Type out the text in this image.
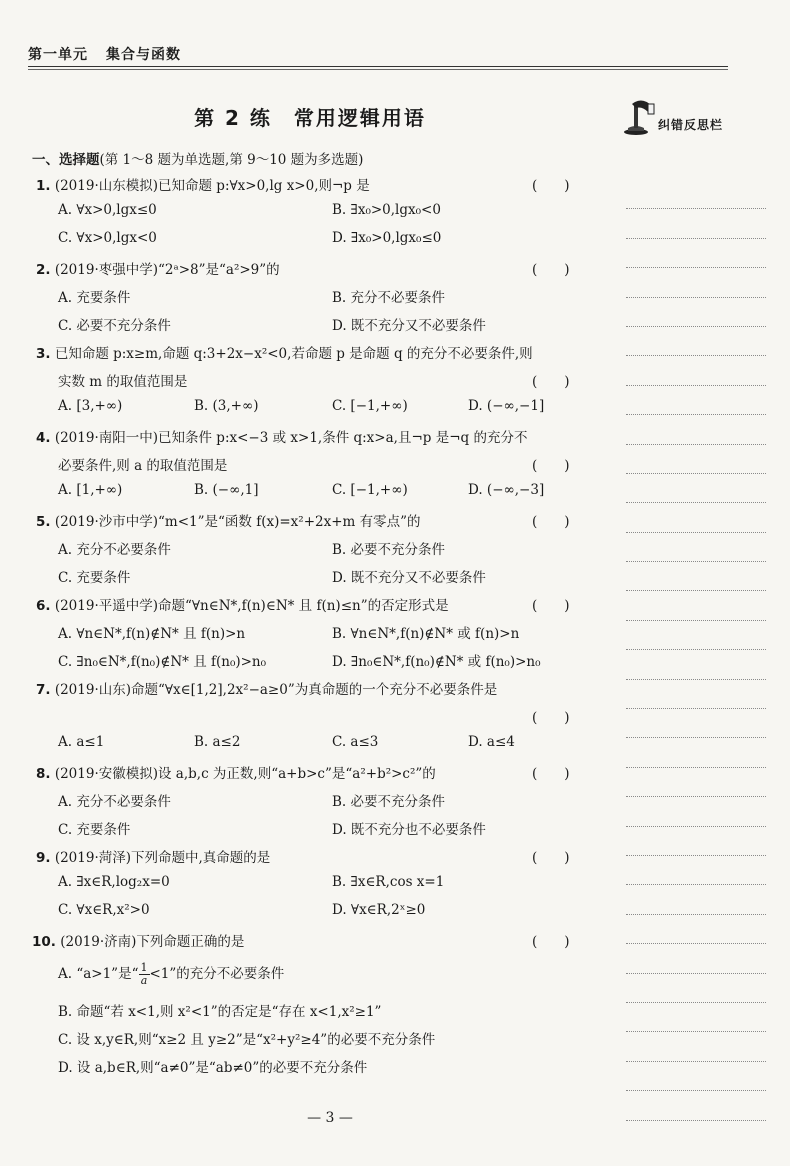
第一单元 集合与函数
第 2 练 常用逻辑用语	纠错反思栏
一、选择题(第 1～8 题为单选题,第 9～10 题为多选题)
1. (2019·山东模拟)已知命题 p:∀x>0,lg x>0,则¬p 是	(　　)
A. ∀x>0,lgx≤0	B. ∃x₀>0,lgx₀<0
C. ∀x>0,lgx<0	D. ∃x₀>0,lgx₀≤0
2. (2019·枣强中学)“2ᵃ>8”是“a²>9”的	(　　)
A. 充要条件	B. 充分不必要条件
C. 必要不充分条件	D. 既不充分又不必要条件
3. 已知命题 p:x≥m,命题 q:3+2x−x²<0,若命题 p 是命题 q 的充分不必要条件,则
实数 m 的取值范围是	(　　)
A. [3,+∞)	B. (3,+∞)	C. [−1,+∞)	D. (−∞,−1]
4. (2019·南阳一中)已知条件 p:x<−3 或 x>1,条件 q:x>a,且¬p 是¬q 的充分不
必要条件,则 a 的取值范围是	(　　)
A. [1,+∞)	B. (−∞,1]	C. [−1,+∞)	D. (−∞,−3]
5. (2019·沙市中学)“m<1”是“函数 f(x)=x²+2x+m 有零点”的	(　　)
A. 充分不必要条件	B. 必要不充分条件
C. 充要条件	D. 既不充分又不必要条件
6. (2019·平遥中学)命题“∀n∈N*,f(n)∈N* 且 f(n)≤n”的否定形式是	(　　)
A. ∀n∈N*,f(n)∉N* 且 f(n)>n	B. ∀n∈N*,f(n)∉N* 或 f(n)>n
C. ∃n₀∈N*,f(n₀)∉N* 且 f(n₀)>n₀	D. ∃n₀∈N*,f(n₀)∉N* 或 f(n₀)>n₀
7. (2019·山东)命题“∀x∈[1,2],2x²−a≥0”为真命题的一个充分不必要条件是
(　　)
A. a≤1	B. a≤2	C. a≤3	D. a≤4
8. (2019·安徽模拟)设 a,b,c 为正数,则“a+b>c”是“a²+b²>c²”的	(　　)
A. 充分不必要条件	B. 必要不充分条件
C. 充要条件	D. 既不充分也不必要条件
9. (2019·菏泽)下列命题中,真命题的是	(　　)
A. ∃x∈R,log₂x=0	B. ∃x∈R,cos x=1
C. ∀x∈R,x²>0	D. ∀x∈R,2ˣ≥0
10. (2019·济南)下列命题正确的是	(　　)
A. “a>1”是“ $\frac{1}{a} <1$”的充分不必要条件
B. 命题“若 x<1,则 x²<1”的否定是“存在 x<1,x²≥1”
C. 设 x,y∈R,则“x≥2 且 y≥2”是“x²+y²≥4”的必要不充分条件
D. 设 a,b∈R,则“a≠0”是“ab≠0”的必要不充分条件
— 3 —
